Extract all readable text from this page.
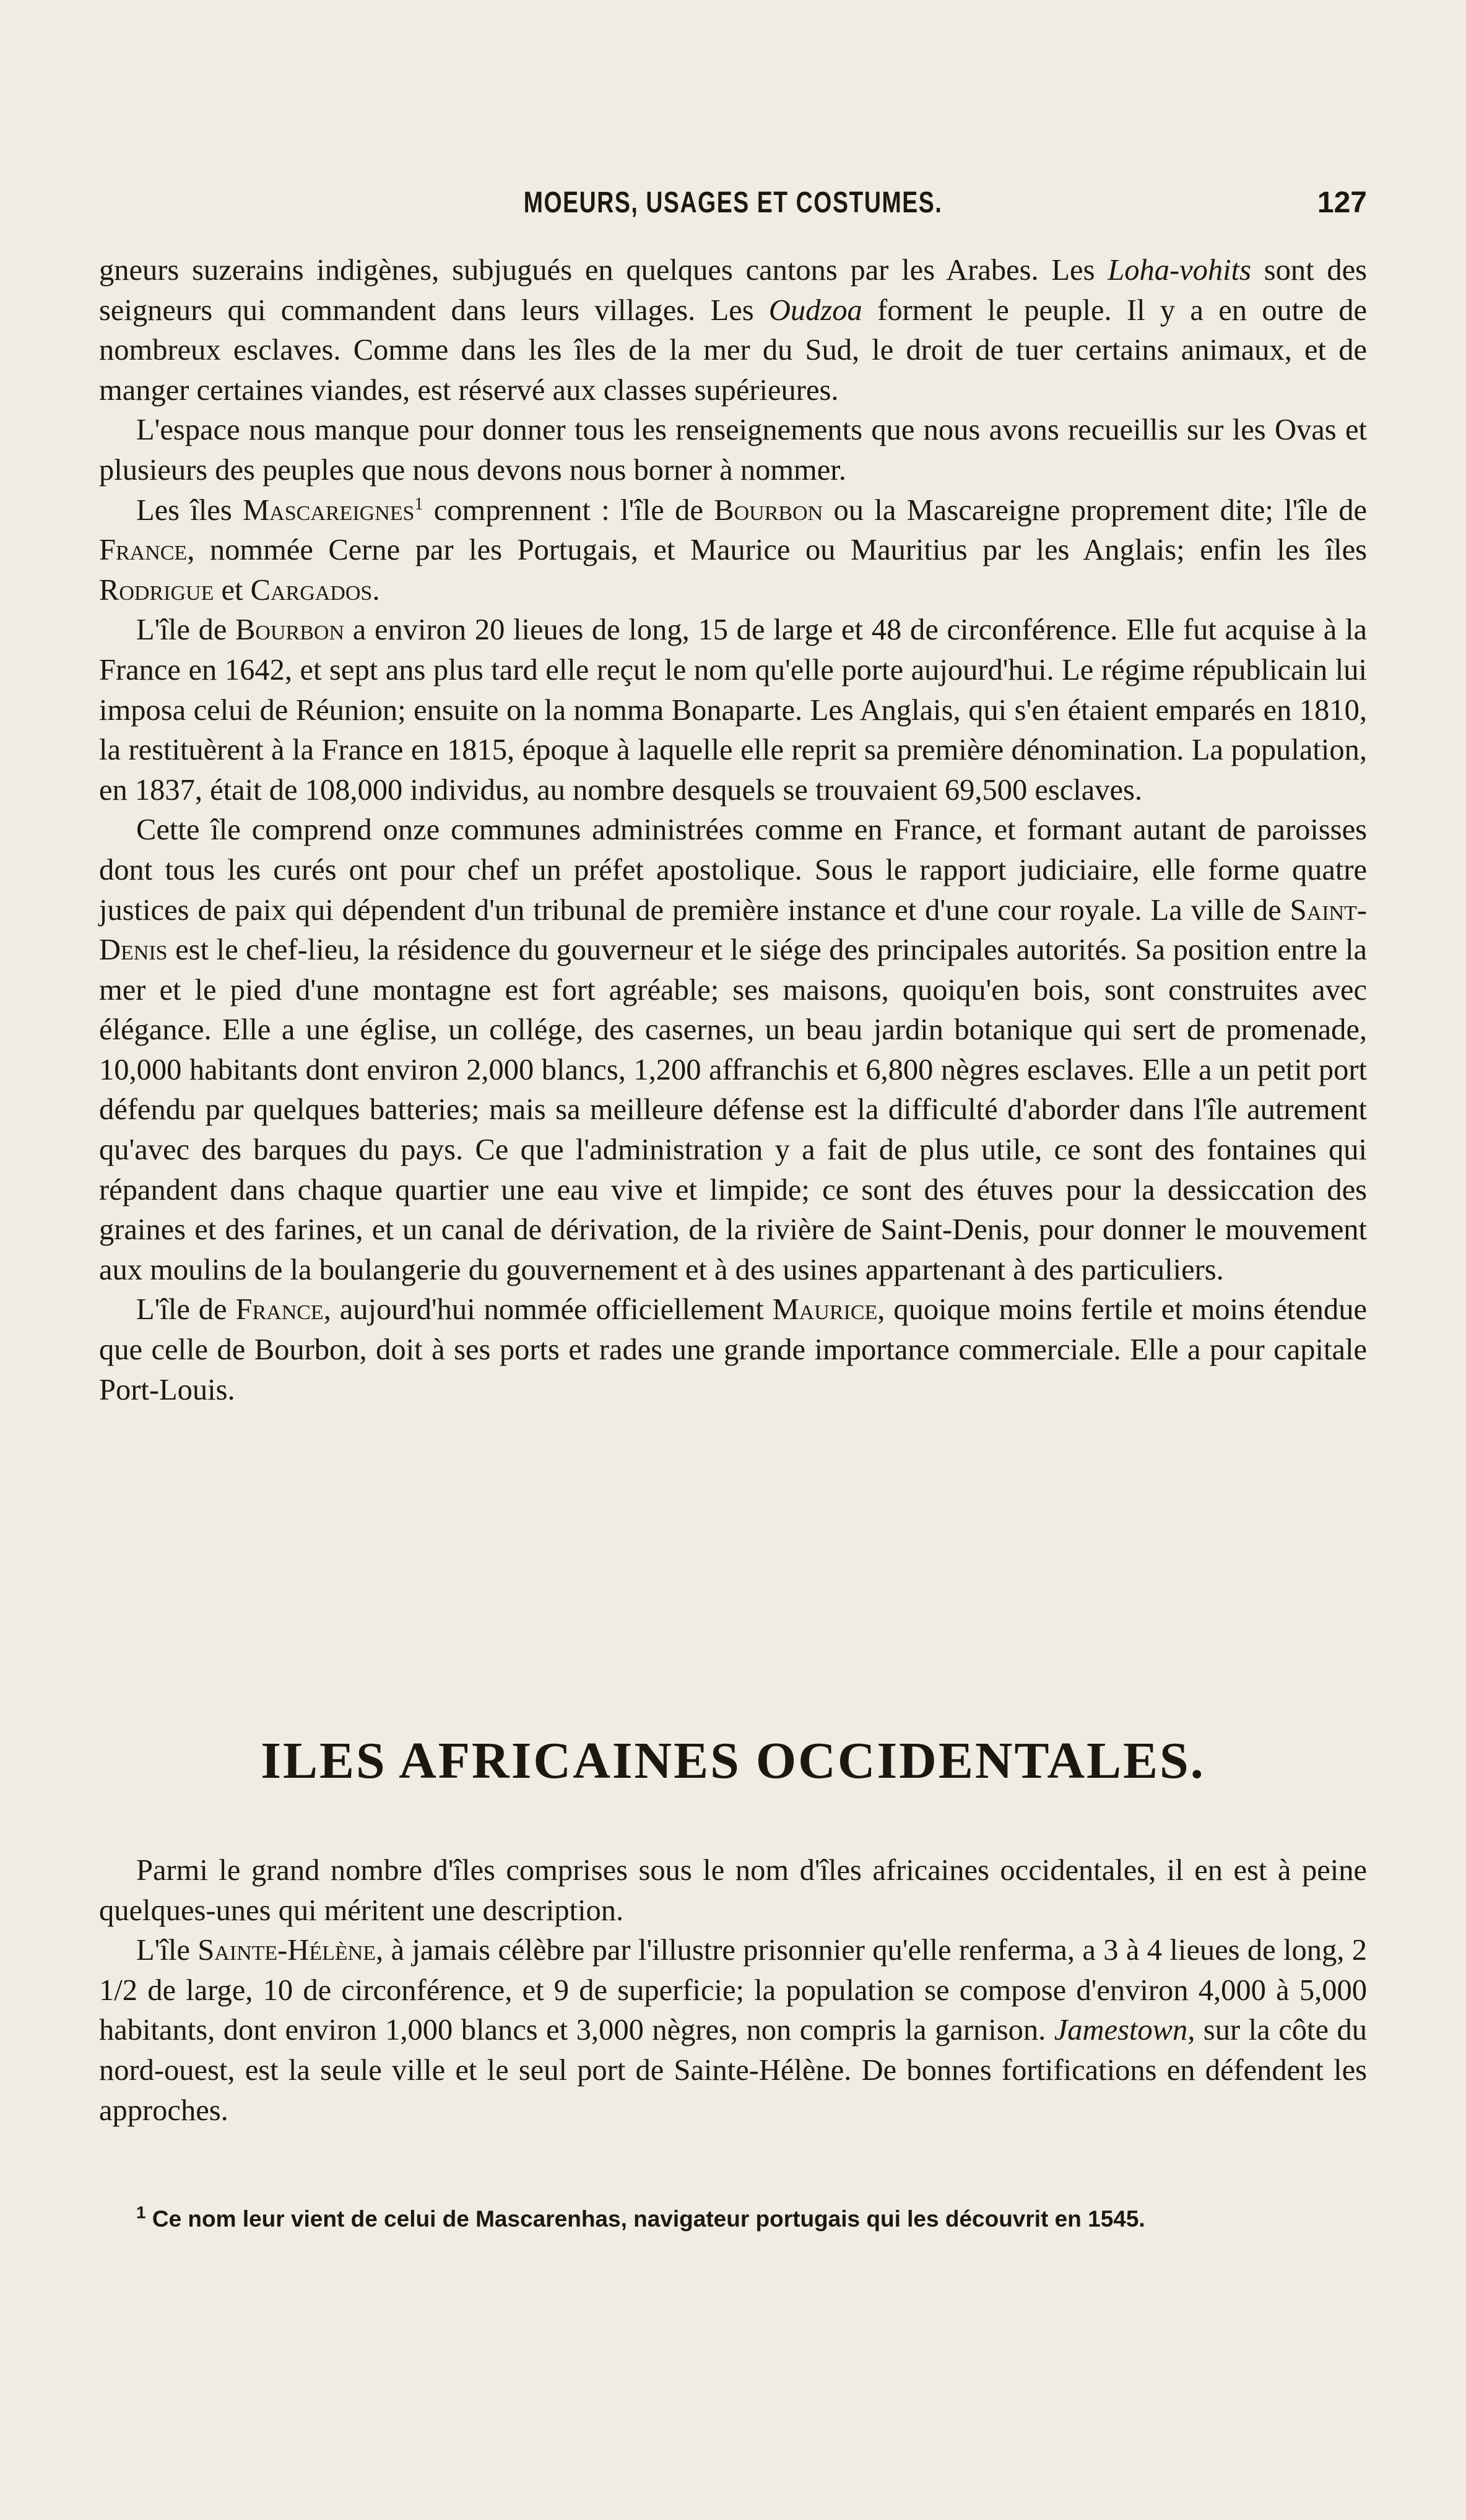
MOEURS, USAGES ET COSTUMES.	127

gneurs suzerains indigènes, subjugués en quelques cantons par les Arabes. Les Loha-vohits sont des seigneurs qui commandent dans leurs villages. Les Oudzoa forment le peuple. Il y a en outre de nombreux esclaves. Comme dans les îles de la mer du Sud, le droit de tuer certains animaux, et de manger certaines viandes, est réservé aux classes supérieures.

L'espace nous manque pour donner tous les renseignements que nous avons recueillis sur les Ovas et plusieurs des peuples que nous devons nous borner à nommer.

Les îles Mascareignes$^1$ comprennent : l'île de Bourbon ou la Mascareigne proprement dite; l'île de France, nommée Cerne par les Portugais, et Maurice ou Mauritius par les Anglais; enfin les îles Rodrigue et Cargados.

L'île de Bourbon a environ 20 lieues de long, 15 de large et 48 de circonférence. Elle fut acquise à la France en 1642, et sept ans plus tard elle reçut le nom qu'elle porte aujourd'hui. Le régime républicain lui imposa celui de Réunion; ensuite on la nomma Bonaparte. Les Anglais, qui s'en étaient emparés en 1810, la restituèrent à la France en 1815, époque à laquelle elle reprit sa première dénomination. La population, en 1837, était de 108,000 individus, au nombre desquels se trouvaient 69,500 esclaves.

Cette île comprend onze communes administrées comme en France, et formant autant de paroisses dont tous les curés ont pour chef un préfet apostolique. Sous le rapport judiciaire, elle forme quatre justices de paix qui dépendent d'un tribunal de première instance et d'une cour royale. La ville de Saint-Denis est le chef-lieu, la résidence du gouverneur et le siége des principales autorités. Sa position entre la mer et le pied d'une montagne est fort agréable; ses maisons, quoiqu'en bois, sont construites avec élégance. Elle a une église, un collége, des casernes, un beau jardin botanique qui sert de promenade, 10,000 habitants dont environ 2,000 blancs, 1,200 affranchis et 6,800 nègres esclaves. Elle a un petit port défendu par quelques batteries; mais sa meilleure défense est la difficulté d'aborder dans l'île autrement qu'avec des barques du pays. Ce que l'administration y a fait de plus utile, ce sont des fontaines qui répandent dans chaque quartier une eau vive et limpide; ce sont des étuves pour la dessiccation des graines et des farines, et un canal de dérivation, de la rivière de Saint-Denis, pour donner le mouvement aux moulins de la boulangerie du gouvernement et à des usines appartenant à des particuliers.

L'île de France, aujourd'hui nommée officiellement Maurice, quoique moins fertile et moins étendue que celle de Bourbon, doit à ses ports et rades une grande importance commerciale. Elle a pour capitale Port-Louis.

ILES AFRICAINES OCCIDENTALES.

Parmi le grand nombre d'îles comprises sous le nom d'îles africaines occidentales, il en est à peine quelques-unes qui méritent une description.

L'île Sainte-Hélène, à jamais célèbre par l'illustre prisonnier qu'elle renferma, a 3 à 4 lieues de long, 2 1/2 de large, 10 de circonférence, et 9 de superficie; la population se compose d'environ 4,000 à 5,000 habitants, dont environ 1,000 blancs et 3,000 nègres, non compris la garnison. Jamestown, sur la côte du nord-ouest, est la seule ville et le seul port de Sainte-Hélène. De bonnes fortifications en défendent les approches.

$^1$ Ce nom leur vient de celui de Mascarenhas, navigateur portugais qui les découvrit en 1545.
